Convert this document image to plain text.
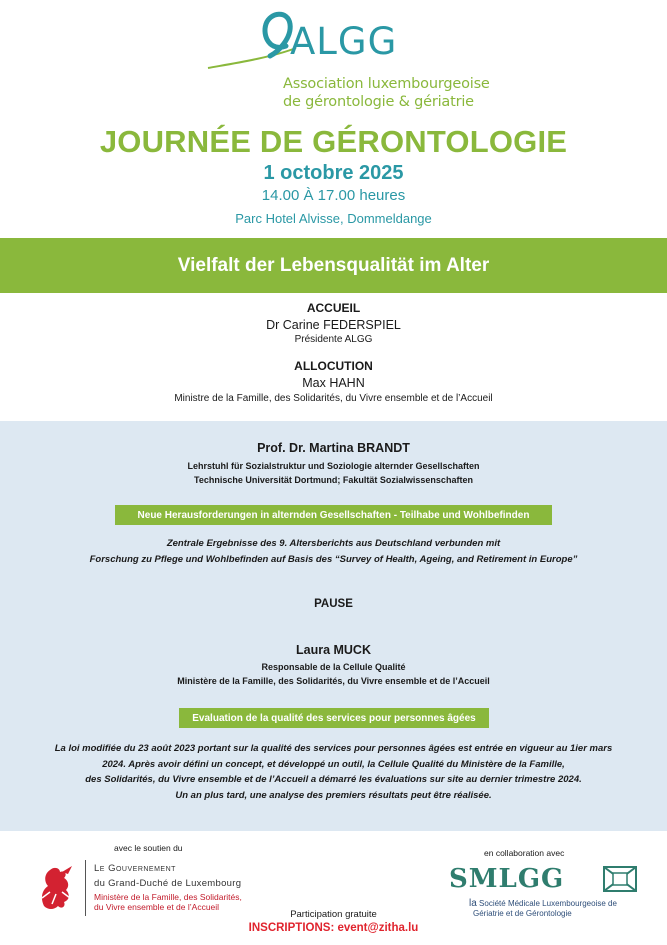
ALGG
Association luxembourgeoise
de gérontologie & gériatrie
JOURNÉE DE GÉRONTOLOGIE
1 octobre 2025
14.00 À 17.00 heures
Parc Hotel Alvisse, Dommeldange
Vielfalt der Lebensqualität im Alter
ACCUEIL
Dr Carine FEDERSPIEL
Présidente ALGG
ALLOCUTION
Max HAHN
Ministre de la Famille, des Solidarités, du Vivre ensemble et de l’Accueil
Prof. Dr. Martina BRANDT
Lehrstuhl für Sozialstruktur und Soziologie alternder Gesellschaften
Technische Universität Dortmund; Fakultät Sozialwissenschaften
Neue Herausforderungen in alternden Gesellschaften - Teilhabe und Wohlbefinden
Zentrale Ergebnisse des 9. Altersberichts aus Deutschland verbunden mit
Forschung zu Pflege und Wohlbefinden auf Basis des “Survey of Health, Ageing, and Retirement in Europe”
PAUSE
Laura MUCK
Responsable de la Cellule Qualité
Ministère de la Famille, des Solidarités, du Vivre ensemble et de l’Accueil
Evaluation de la qualité des services pour personnes âgées
La loi modifiée du 23 août 2023 portant sur la qualité des services pour personnes âgées est entrée en vigueur au 1ier mars
2024. Après avoir défini un concept, et développé un outil, la Cellule Qualité du Ministère de la Famille,
des Solidarités, du Vivre ensemble et de l’Accueil a démarré les évaluations sur site au dernier trimestre 2024.
Un an plus tard, une analyse des premiers résultats peut être réalisée.
avec le soutien du
Le Gouvernement
du Grand-Duché de Luxembourg
Ministère de la Famille, des Solidarités,
du Vivre ensemble et de l’Accueil
en collaboration avec
SMLGG
la Société Médicale Luxembourgeoise de
Gériatrie et de Gérontologie
Participation gratuite
INSCRIPTIONS: event@zitha.lu
